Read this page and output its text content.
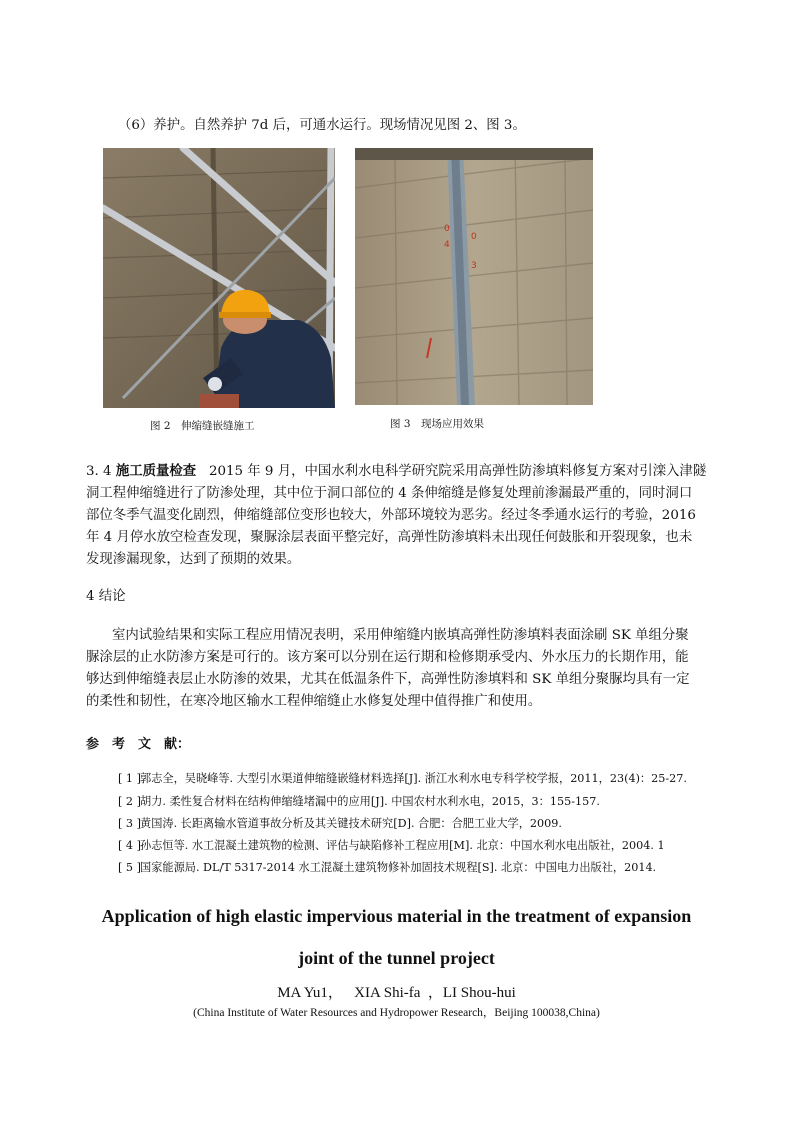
（6）养护。自然养护 7d 后，可通水运行。现场情况见图 2、图 3。
0
4
0
3
图 2　伸缩缝嵌缝施工	图 3　现场应用效果
3. 4 施工质量检查 2015 年 9 月，中国水利水电科学研究院采用高弹性防渗填料修复方案对引滦入津隧
洞工程伸缩缝进行了防渗处理，其中位于洞口部位的 4 条伸缩缝是修复处理前渗漏最严重的，同时洞口
部位冬季气温变化剧烈，伸缩缝部位变形也较大，外部环境较为恶劣。经过冬季通水运行的考验，2016
年 4 月停水放空检查发现，聚脲涂层表面平整完好，高弹性防渗填料未出现任何鼓胀和开裂现象，也未
发现渗漏现象，达到了预期的效果。
4 结论
室内试验结果和实际工程应用情况表明，采用伸缩缝内嵌填高弹性防渗填料表面涂刷 SK 单组分聚
脲涂层的止水防渗方案是可行的。该方案可以分别在运行期和检修期承受内、外水压力的长期作用，能
够达到伸缩缝表层止水防渗的效果，尤其在低温条件下，高弹性防渗填料和 SK 单组分聚脲均具有一定
的柔性和韧性，在寒冷地区输水工程伸缩缝止水修复处理中值得推广和使用。
参　考　文　献：
[ 1 ]郭志全，吴晓峰等. 大型引水渠道伸缩缝嵌缝材料选择[J]. 浙江水利水电专科学校学报，2011，23(4)：25-27.
[ 2 ]胡力. 柔性复合材料在结构伸缩缝堵漏中的应用[J]. 中国农村水利水电，2015，3：155-157.
[ 3 ]黄国涛. 长距离输水管道事故分析及其关键技术研究[D]. 合肥：合肥工业大学，2009.
[ 4 ]孙志恒等. 水工混凝土建筑物的检测、评估与缺陷修补工程应用[M]. 北京：中国水利水电出版社，2004. 1
[ 5 ]国家能源局. DL/T 5317-2014 水工混凝土建筑物修补加固技术规程[S]. 北京：中国电力出版社，2014.
Application of high elastic impervious material in the treatment of expansion
joint of the tunnel project
MA Yu1，   XIA Shi-fa  ，LI Shou-hui
(China Institute of Water Resources and Hydropower Research，Beijing 100038,China)
